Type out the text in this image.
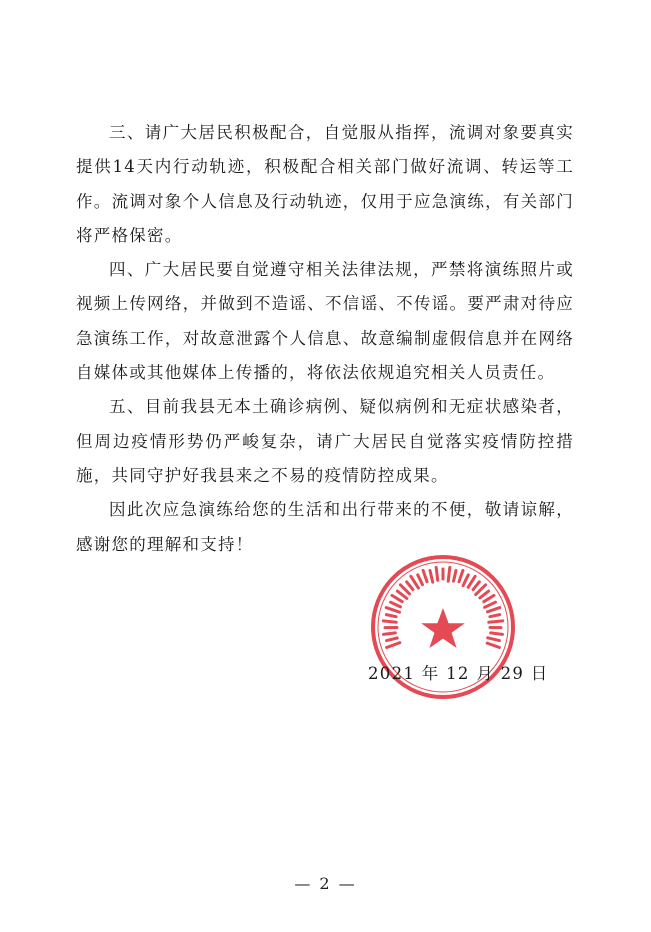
三、请广大居民积极配合，自觉服从指挥，流调对象要真实提供14天内行动轨迹，积极配合相关部门做好流调、转运等工作。流调对象个人信息及行动轨迹，仅用于应急演练，有关部门将严格保密。

四、广大居民要自觉遵守相关法律法规，严禁将演练照片或视频上传网络，并做到不造谣、不信谣、不传谣。要严肃对待应急演练工作，对故意泄露个人信息、故意编制虚假信息并在网络自媒体或其他媒体上传播的，将依法依规追究相关人员责任。

五、目前我县无本土确诊病例、疑似病例和无症状感染者，但周边疫情形势仍严峻复杂，请广大居民自觉落实疫情防控措施，共同守护好我县来之不易的疫情防控成果。

因此次应急演练给您的生活和出行带来的不便，敬请谅解，感谢您的理解和支持！

2021 年 12 月 29 日
— 2 —
